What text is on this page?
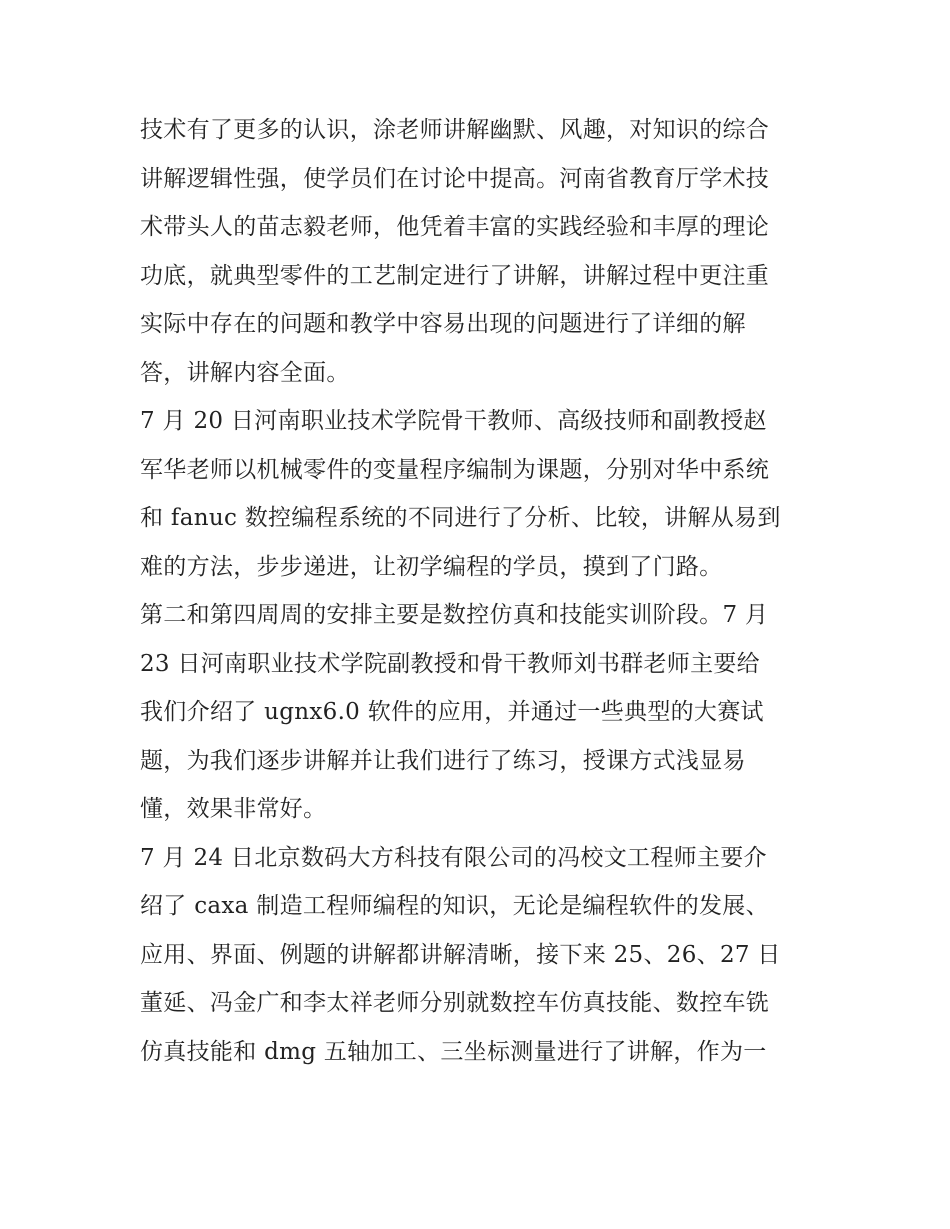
技术有了更多的认识，涂老师讲解幽默、风趣，对知识的综合
讲解逻辑性强，使学员们在讨论中提高。河南省教育厅学术技
术带头人的苗志毅老师，他凭着丰富的实践经验和丰厚的理论
功底，就典型零件的工艺制定进行了讲解，讲解过程中更注重
实际中存在的问题和教学中容易出现的问题进行了详细的解
答，讲解内容全面。
7 月 20 日河南职业技术学院骨干教师、高级技师和副教授赵
军华老师以机械零件的变量程序编制为课题，分别对华中系统
和 fanuc 数控编程系统的不同进行了分析、比较，讲解从易到
难的方法，步步递进，让初学编程的学员，摸到了门路。
第二和第四周周的安排主要是数控仿真和技能实训阶段。7 月
23 日河南职业技术学院副教授和骨干教师刘书群老师主要给
我们介绍了 ugnx6.0 软件的应用，并通过一些典型的大赛试
题，为我们逐步讲解并让我们进行了练习，授课方式浅显易
懂，效果非常好。
7 月 24 日北京数码大方科技有限公司的冯校文工程师主要介
绍了 caxa 制造工程师编程的知识，无论是编程软件的发展、
应用、界面、例题的讲解都讲解清晰，接下来 25、26、27 日
董延、冯金广和李太祥老师分别就数控车仿真技能、数控车铣
仿真技能和 dmg 五轴加工、三坐标测量进行了讲解，作为一
